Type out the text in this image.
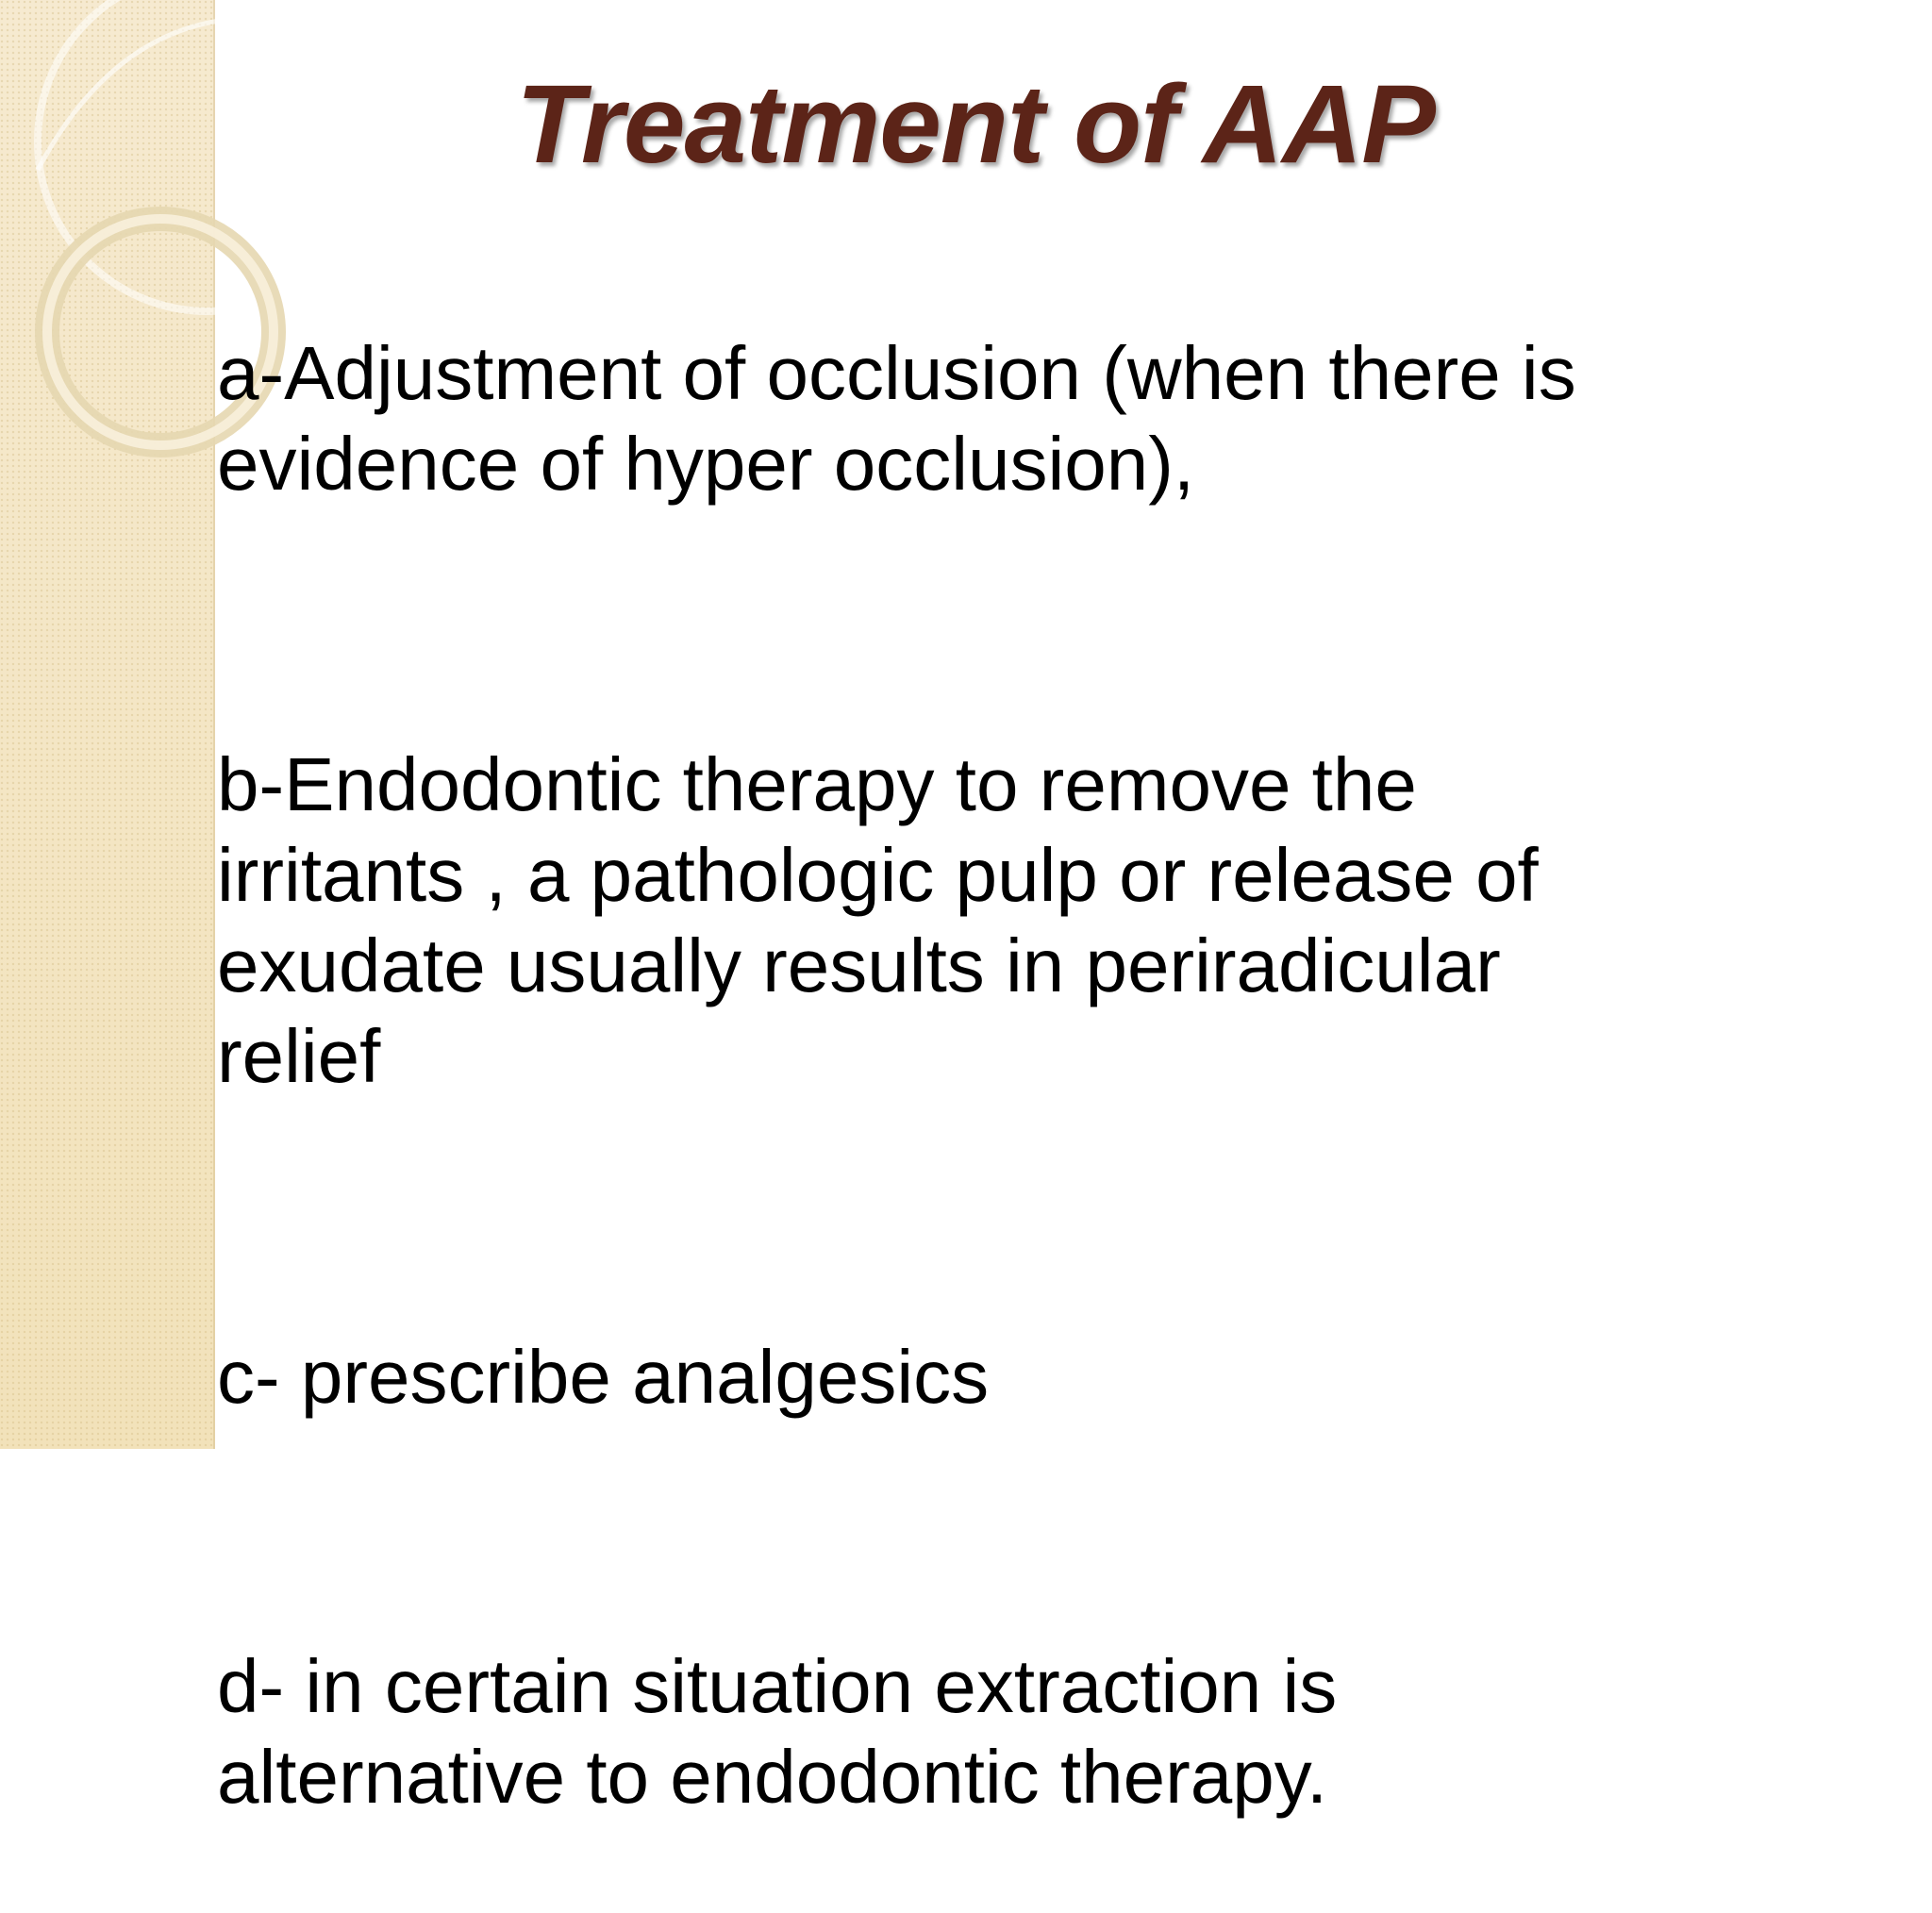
Treatment of AAP

a-Adjustment of occlusion (when there is
evidence of hyper occlusion),

b-Endodontic therapy to remove the
irritants , a pathologic pulp or release of
exudate usually results in periradicular
relief

c- prescribe analgesics

d- in certain situation extraction is
alternative to endodontic therapy.
